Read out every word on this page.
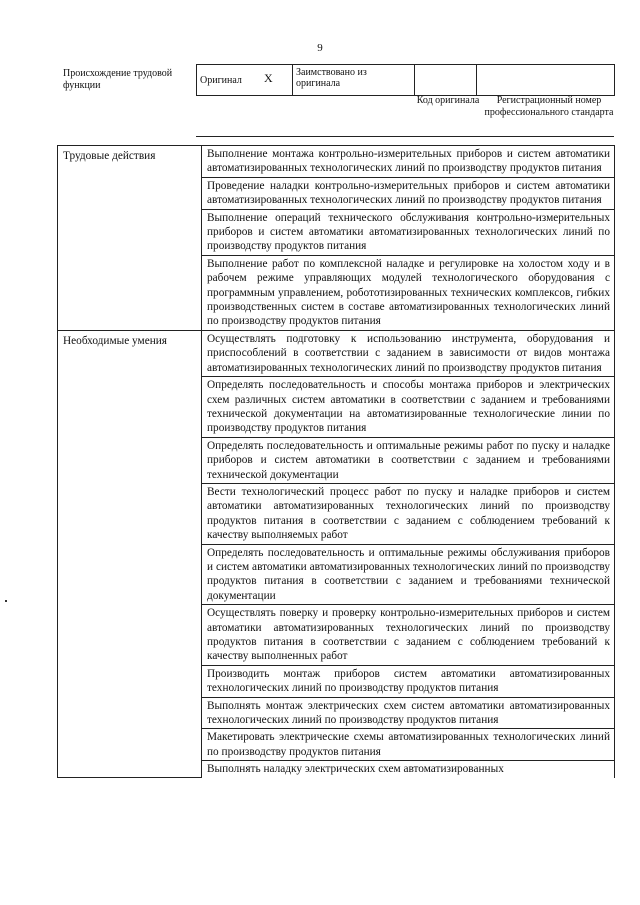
9
Происхождение трудовой функции	Оригинал X	Заимствовано из оригинала		
Код оригинала	Регистрационный номер профессионального стандарта
Трудовые действия	Выполнение монтажа контрольно-измерительных приборов и систем автоматики автоматизированных технологических линий по производству продуктов питания
	Проведение наладки контрольно-измерительных приборов и систем автоматики автоматизированных технологических линий по производству продуктов питания
	Выполнение операций технического обслуживания контрольно-измерительных приборов и систем автоматики автоматизированных технологических линий по производству продуктов питания
	Выполнение работ по комплексной наладке и регулировке на холостом ходу и в рабочем режиме управляющих модулей технологического оборудования с программным управлением, робототизированных технических комплексов, гибких производственных систем в составе автоматизированных технологических линий по производству продуктов питания
Необходимые умения	Осуществлять подготовку к использованию инструмента, оборудования и приспособлений в соответствии с заданием в зависимости от видов монтажа автоматизированных технологических линий по производству продуктов питания
	Определять последовательность и способы монтажа приборов и электрических схем различных систем автоматики в соответствии с заданием и требованиями технической документации на автоматизированные технологические линии по производству продуктов питания
	Определять последовательность и оптимальные режимы работ по пуску и наладке приборов и систем автоматики в соответствии с заданием и требованиями технической документации
	Вести технологический процесс работ по пуску и наладке приборов и систем автоматики автоматизированных технологических линий по производству продуктов питания в соответствии с заданием с соблюдением требований к качеству выполняемых работ
	Определять последовательность и оптимальные режимы обслуживания приборов и систем автоматики автоматизированных технологических линий по производству продуктов питания в соответствии с заданием и требованиями технической документации
	Осуществлять поверку и проверку контрольно-измерительных приборов и систем автоматики автоматизированных технологических линий по производству продуктов питания в соответствии с заданием с соблюдением требований к качеству выполненных работ
	Производить монтаж приборов систем автоматики автоматизированных технологических линий по производству продуктов питания
	Выполнять монтаж электрических схем систем автоматики автоматизированных технологических линий по производству продуктов питания
	Макетировать электрические схемы автоматизированных технологических линий по производству продуктов питания
	Выполнять наладку электрических схем автоматизированных
